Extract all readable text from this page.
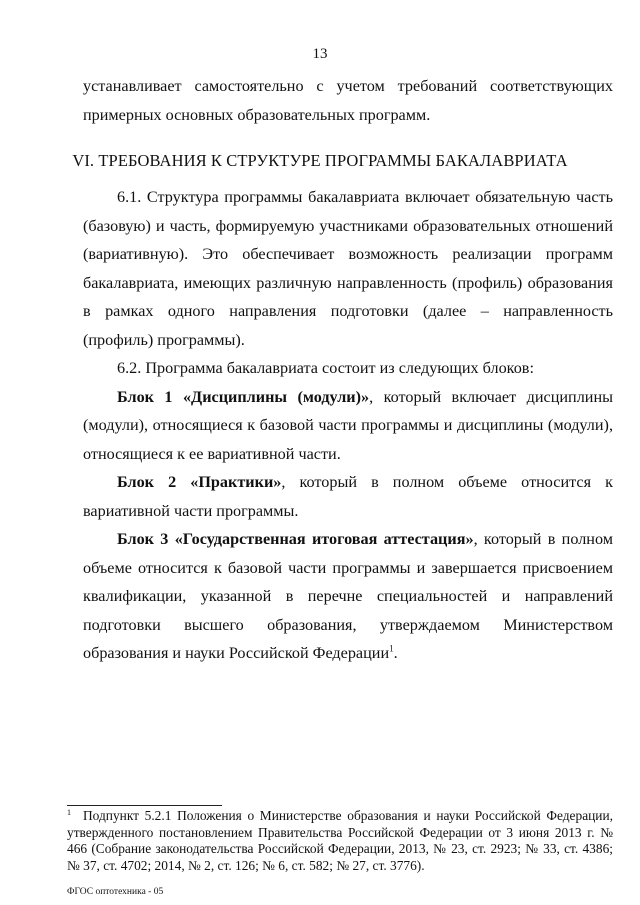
13

устанавливает самостоятельно с учетом требований соответствующих примерных основных образовательных программ.

VI. ТРЕБОВАНИЯ К СТРУКТУРЕ ПРОГРАММЫ БАКАЛАВРИАТА

6.1. Структура программы бакалавриата включает обязательную часть (базовую) и часть, формируемую участниками образовательных отношений (вариативную). Это обеспечивает возможность реализации программ бакалавриата, имеющих различную направленность (профиль) образования в рамках одного направления подготовки (далее – направленность (профиль) программы).

6.2. Программа бакалавриата состоит из следующих блоков:

Блок 1 «Дисциплины (модули)», который включает дисциплины (модули), относящиеся к базовой части программы и дисциплины (модули), относящиеся к ее вариативной части.

Блок 2 «Практики», который в полном объеме относится к вариативной части программы.

Блок 3 «Государственная итоговая аттестация», который в полном объеме относится к базовой части программы и завершается присвоением квалификации, указанной в перечне специальностей и направлений подготовки высшего образования, утверждаемом Министерством образования и науки Российской Федерации$^1$.

$^1$ Подпункт 5.2.1 Положения о Министерстве образования и науки Российской Федерации, утвержденного постановлением Правительства Российской Федерации от 3 июня 2013 г. № 466 (Собрание законодательства Российской Федерации, 2013, № 23, ст. 2923; № 33, ст. 4386; № 37, ст. 4702; 2014, № 2, ст. 126; № 6, ст. 582; № 27, ст. 3776).
ФГОС оптотехника - 05
